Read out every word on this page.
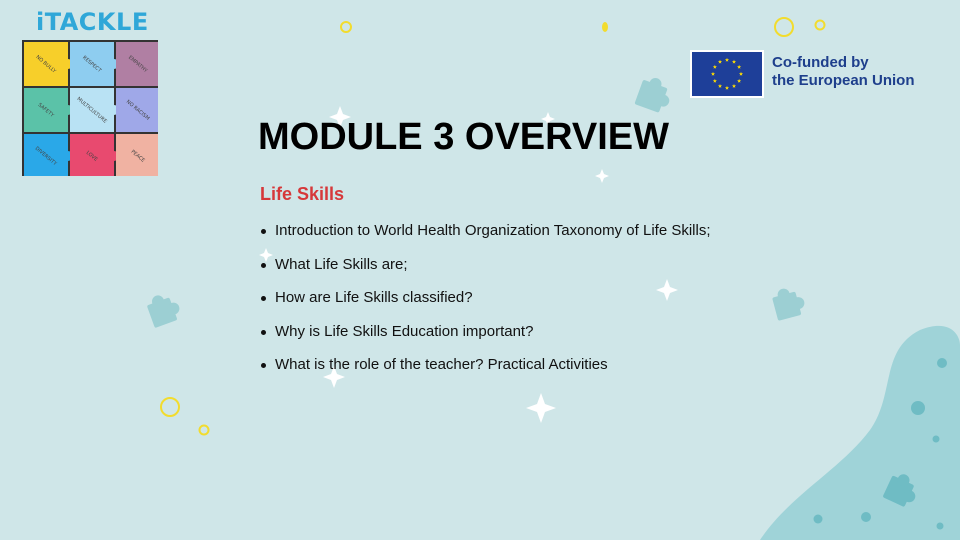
iTACKLE
NO BULLY	RESPECT	EMPATHY
SAFETY	MULTICULTURE	NO RACISM
DIVERSITY	LOVE	PEACE
Co-funded by
the European Union
MODULE 3 OVERVIEW
Life Skills
Introduction to World Health Organization Taxonomy of Life Skills;
What Life Skills are;
How are Life Skills classified?
Why is Life Skills Education important?
What is the role of the teacher? Practical Activities
